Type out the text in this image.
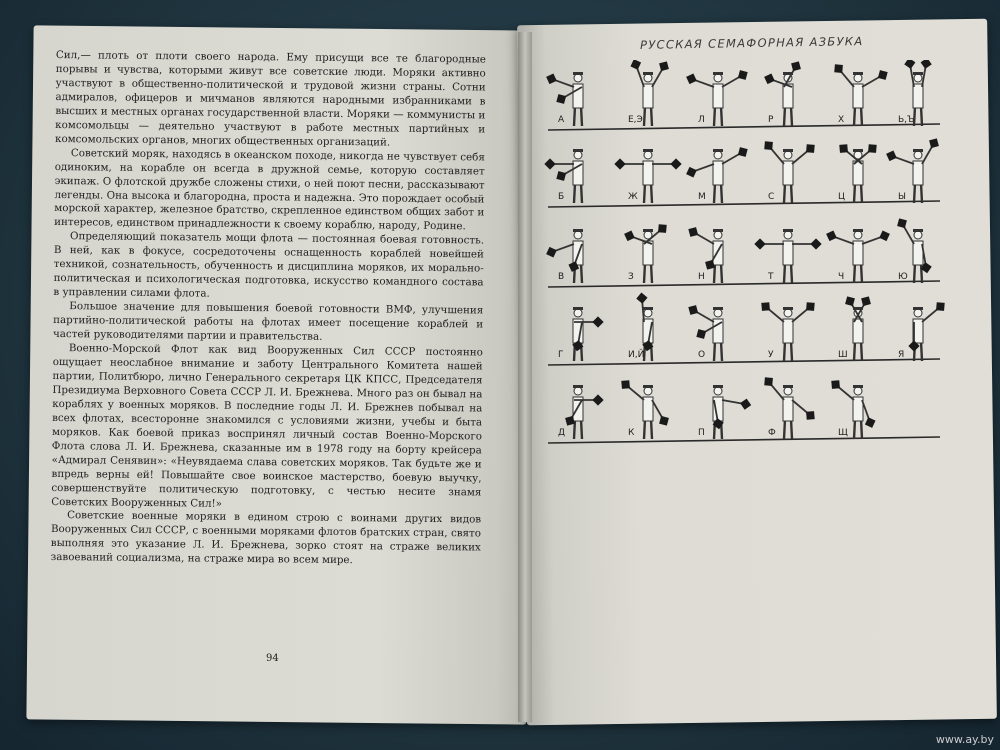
Сил,— плоть от плоти своего народа. Ему присущи все те благородные порывы и чувства, которыми живут все советские люди. Моряки активно участвуют в общественно-политической и трудовой жизни страны. Сотни адмиралов, офицеров и мичманов являются народными избранниками в высших и местных органах государственной власти. Моряки — коммунисты и комсомольцы — деятельно участвуют в работе местных партийных и комсомольских органов, многих общественных организаций.

Советский моряк, находясь в океанском походе, никогда не чувствует себя одиноким, на корабле он всегда в дружной семье, которую составляет экипаж. О флотской дружбе сложены стихи, о ней поют песни, рассказывают легенды. Она высока и благородна, проста и надежна. Это порождает особый морской характер, железное братство, скрепленное единством общих забот и интересов, единством принадлежности к своему кораблю, народу, Родине.

Определяющий показатель мощи флота — постоянная боевая готовность. В ней, как в фокусе, сосредоточены оснащенность кораблей новейшей техникой, сознательность, обученность и дисциплина моряков, их морально-политическая и психологическая подготовка, искусство командного состава в управлении силами флота.

Большое значение для повышения боевой готовности ВМФ, улучшения партийно-политической работы на флотах имеет посещение кораблей и частей руководителями партии и правительства.

Военно-Морской Флот как вид Вооруженных Сил СССР постоянно ощущает неослабное внимание и заботу Центрального Комитета нашей партии, Политбюро, лично Генерального секретаря ЦК КПСС, Председателя Президиума Верховного Совета СССР Л. И. Брежнева. Много раз он бывал на кораблях у военных моряков. В последние годы Л. И. Брежнев побывал на всех флотах, всесторонне знакомился с условиями жизни, учебы и быта моряков. Как боевой приказ воспринял личный состав Военно-Морского Флота слова Л. И. Брежнева, сказанные им в 1978 году на борту крейсера «Адмирал Сенявин»: «Неувядаема слава советских моряков. Так будьте же и впредь верны ей! Повышайте свое воинское мастерство, боевую выучку, совершенствуйте политическую подготовку, с честью несите знамя Советских Вооруженных Сил!»

Советские военные моряки в едином строю с воинами других видов Вооруженных Сил СССР, с военными моряками флотов братских стран, свято выполняя это указание Л. И. Брежнева, зорко стоят на страже великих завоеваний социализма, на страже мира во всем мире.

94
РУССКАЯ СЕМАФОРНАЯ АЗБУКА
А	Е,Э	Л	Р	Х	Ь,Ъ
Б	Ж	М	С	Ц	Ы
В	З	Н	Т	Ч	Ю
Г	И,Й	О	У	Ш	Я
Д	К	П	Ф	Щ
www.ay.by
